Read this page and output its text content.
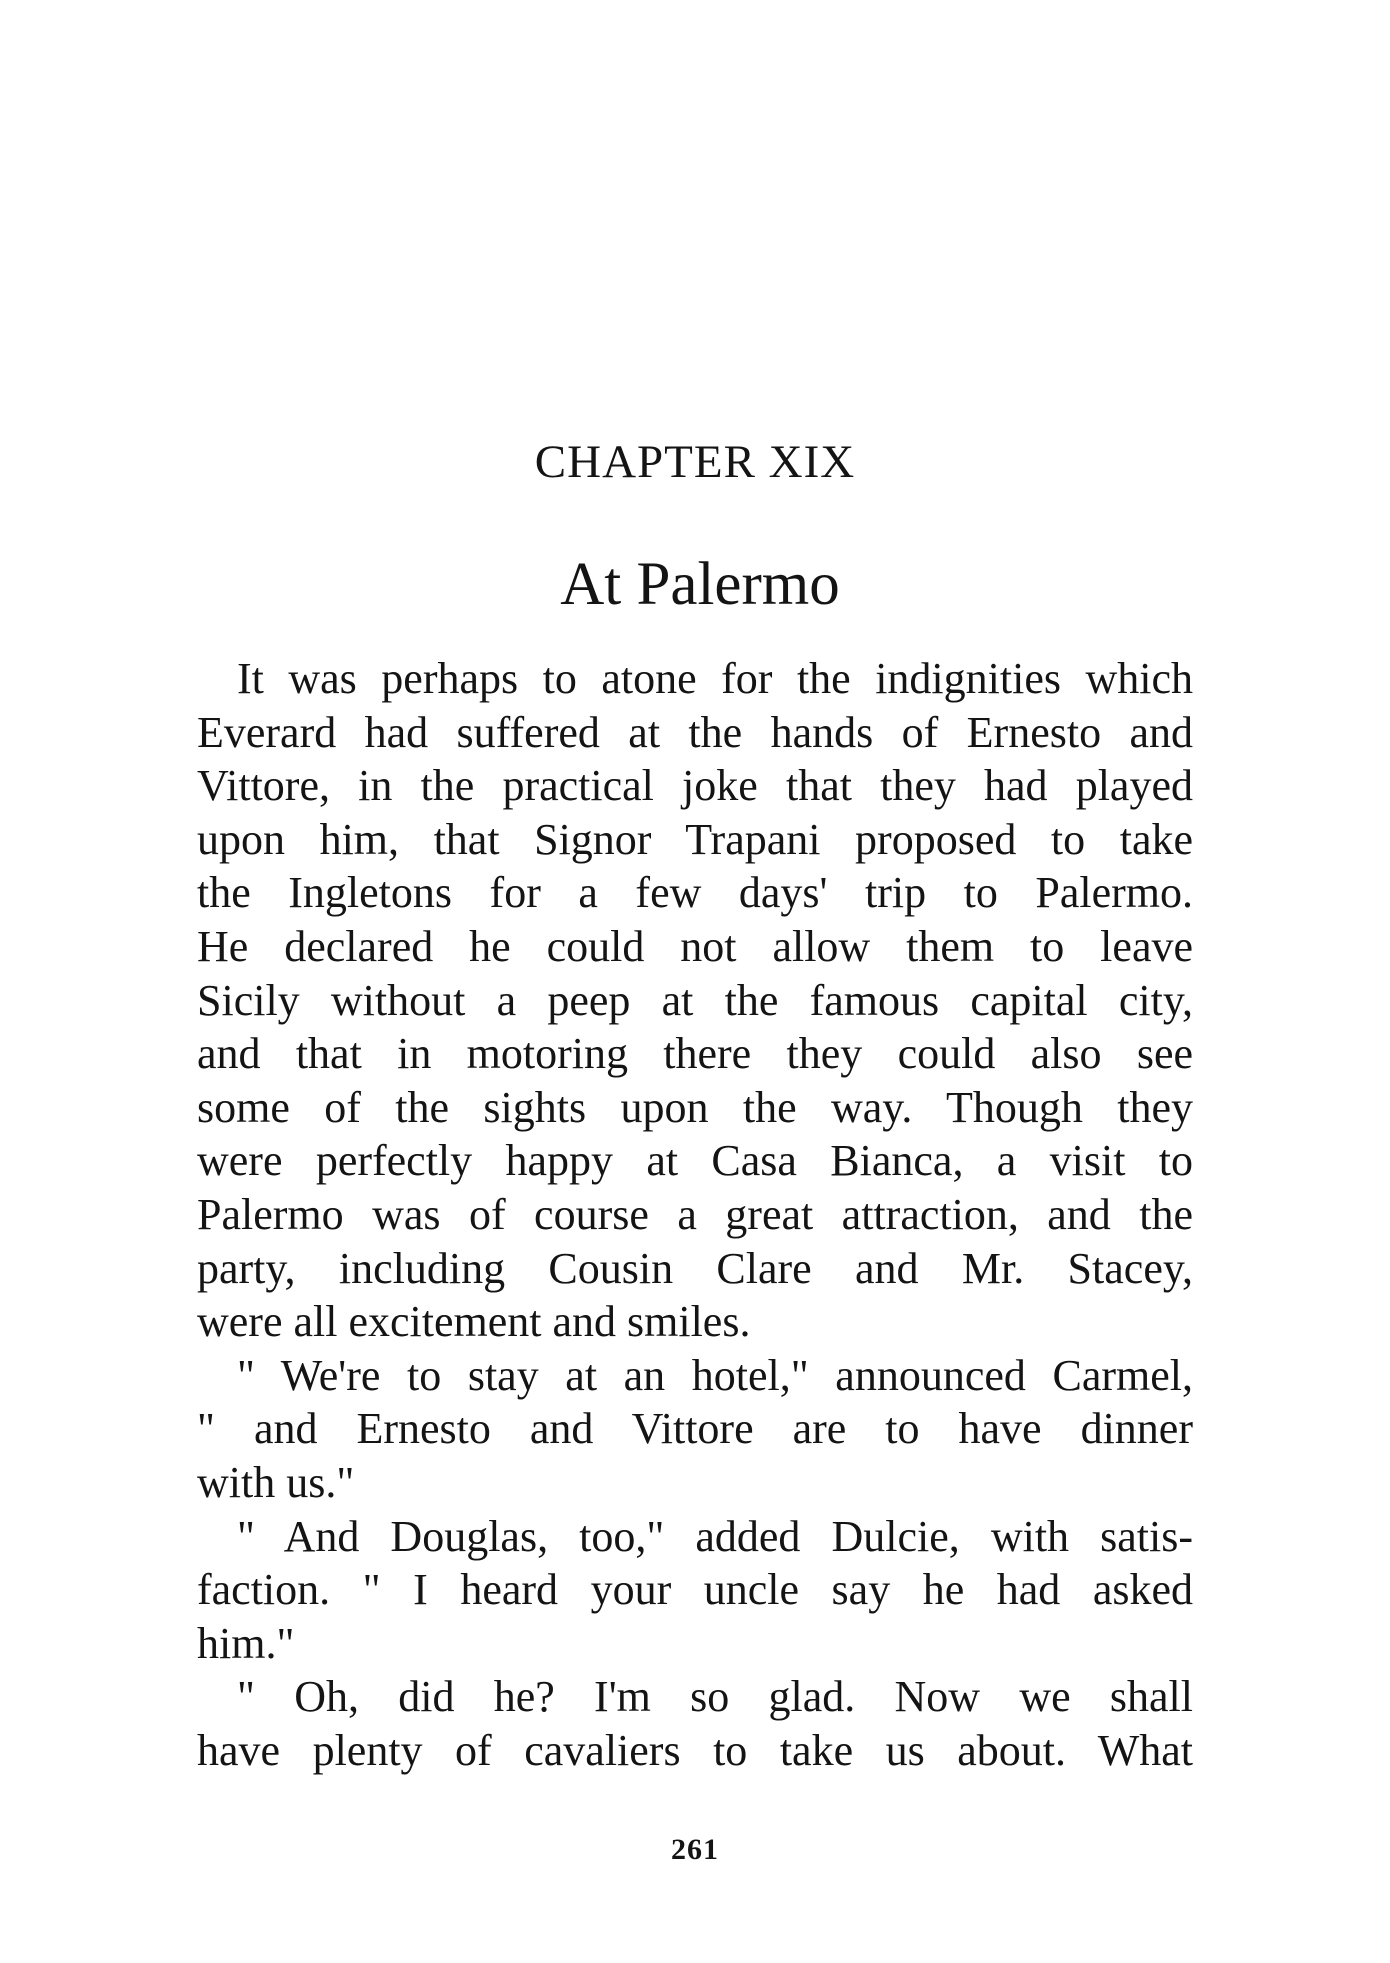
CHAPTER XIX
At Palermo
It was perhaps to atone for the indignities which
Everard had suffered at the hands of Ernesto and
Vittore, in the practical joke that they had played
upon him, that Signor Trapani proposed to take
the Ingletons for a few days' trip to Palermo.
He declared he could not allow them to leave
Sicily without a peep at the famous capital city,
and that in motoring there they could also see
some of the sights upon the way. Though they
were perfectly happy at Casa Bianca, a visit to
Palermo was of course a great attraction, and the
party, including Cousin Clare and Mr. Stacey,
were all excitement and smiles.
" We're to stay at an hotel," announced Carmel,
" and Ernesto and Vittore are to have dinner
with us."
" And Douglas, too," added Dulcie, with satis-
faction. " I heard your uncle say he had asked
him."
" Oh, did he? I'm so glad. Now we shall
have plenty of cavaliers to take us about. What
261
